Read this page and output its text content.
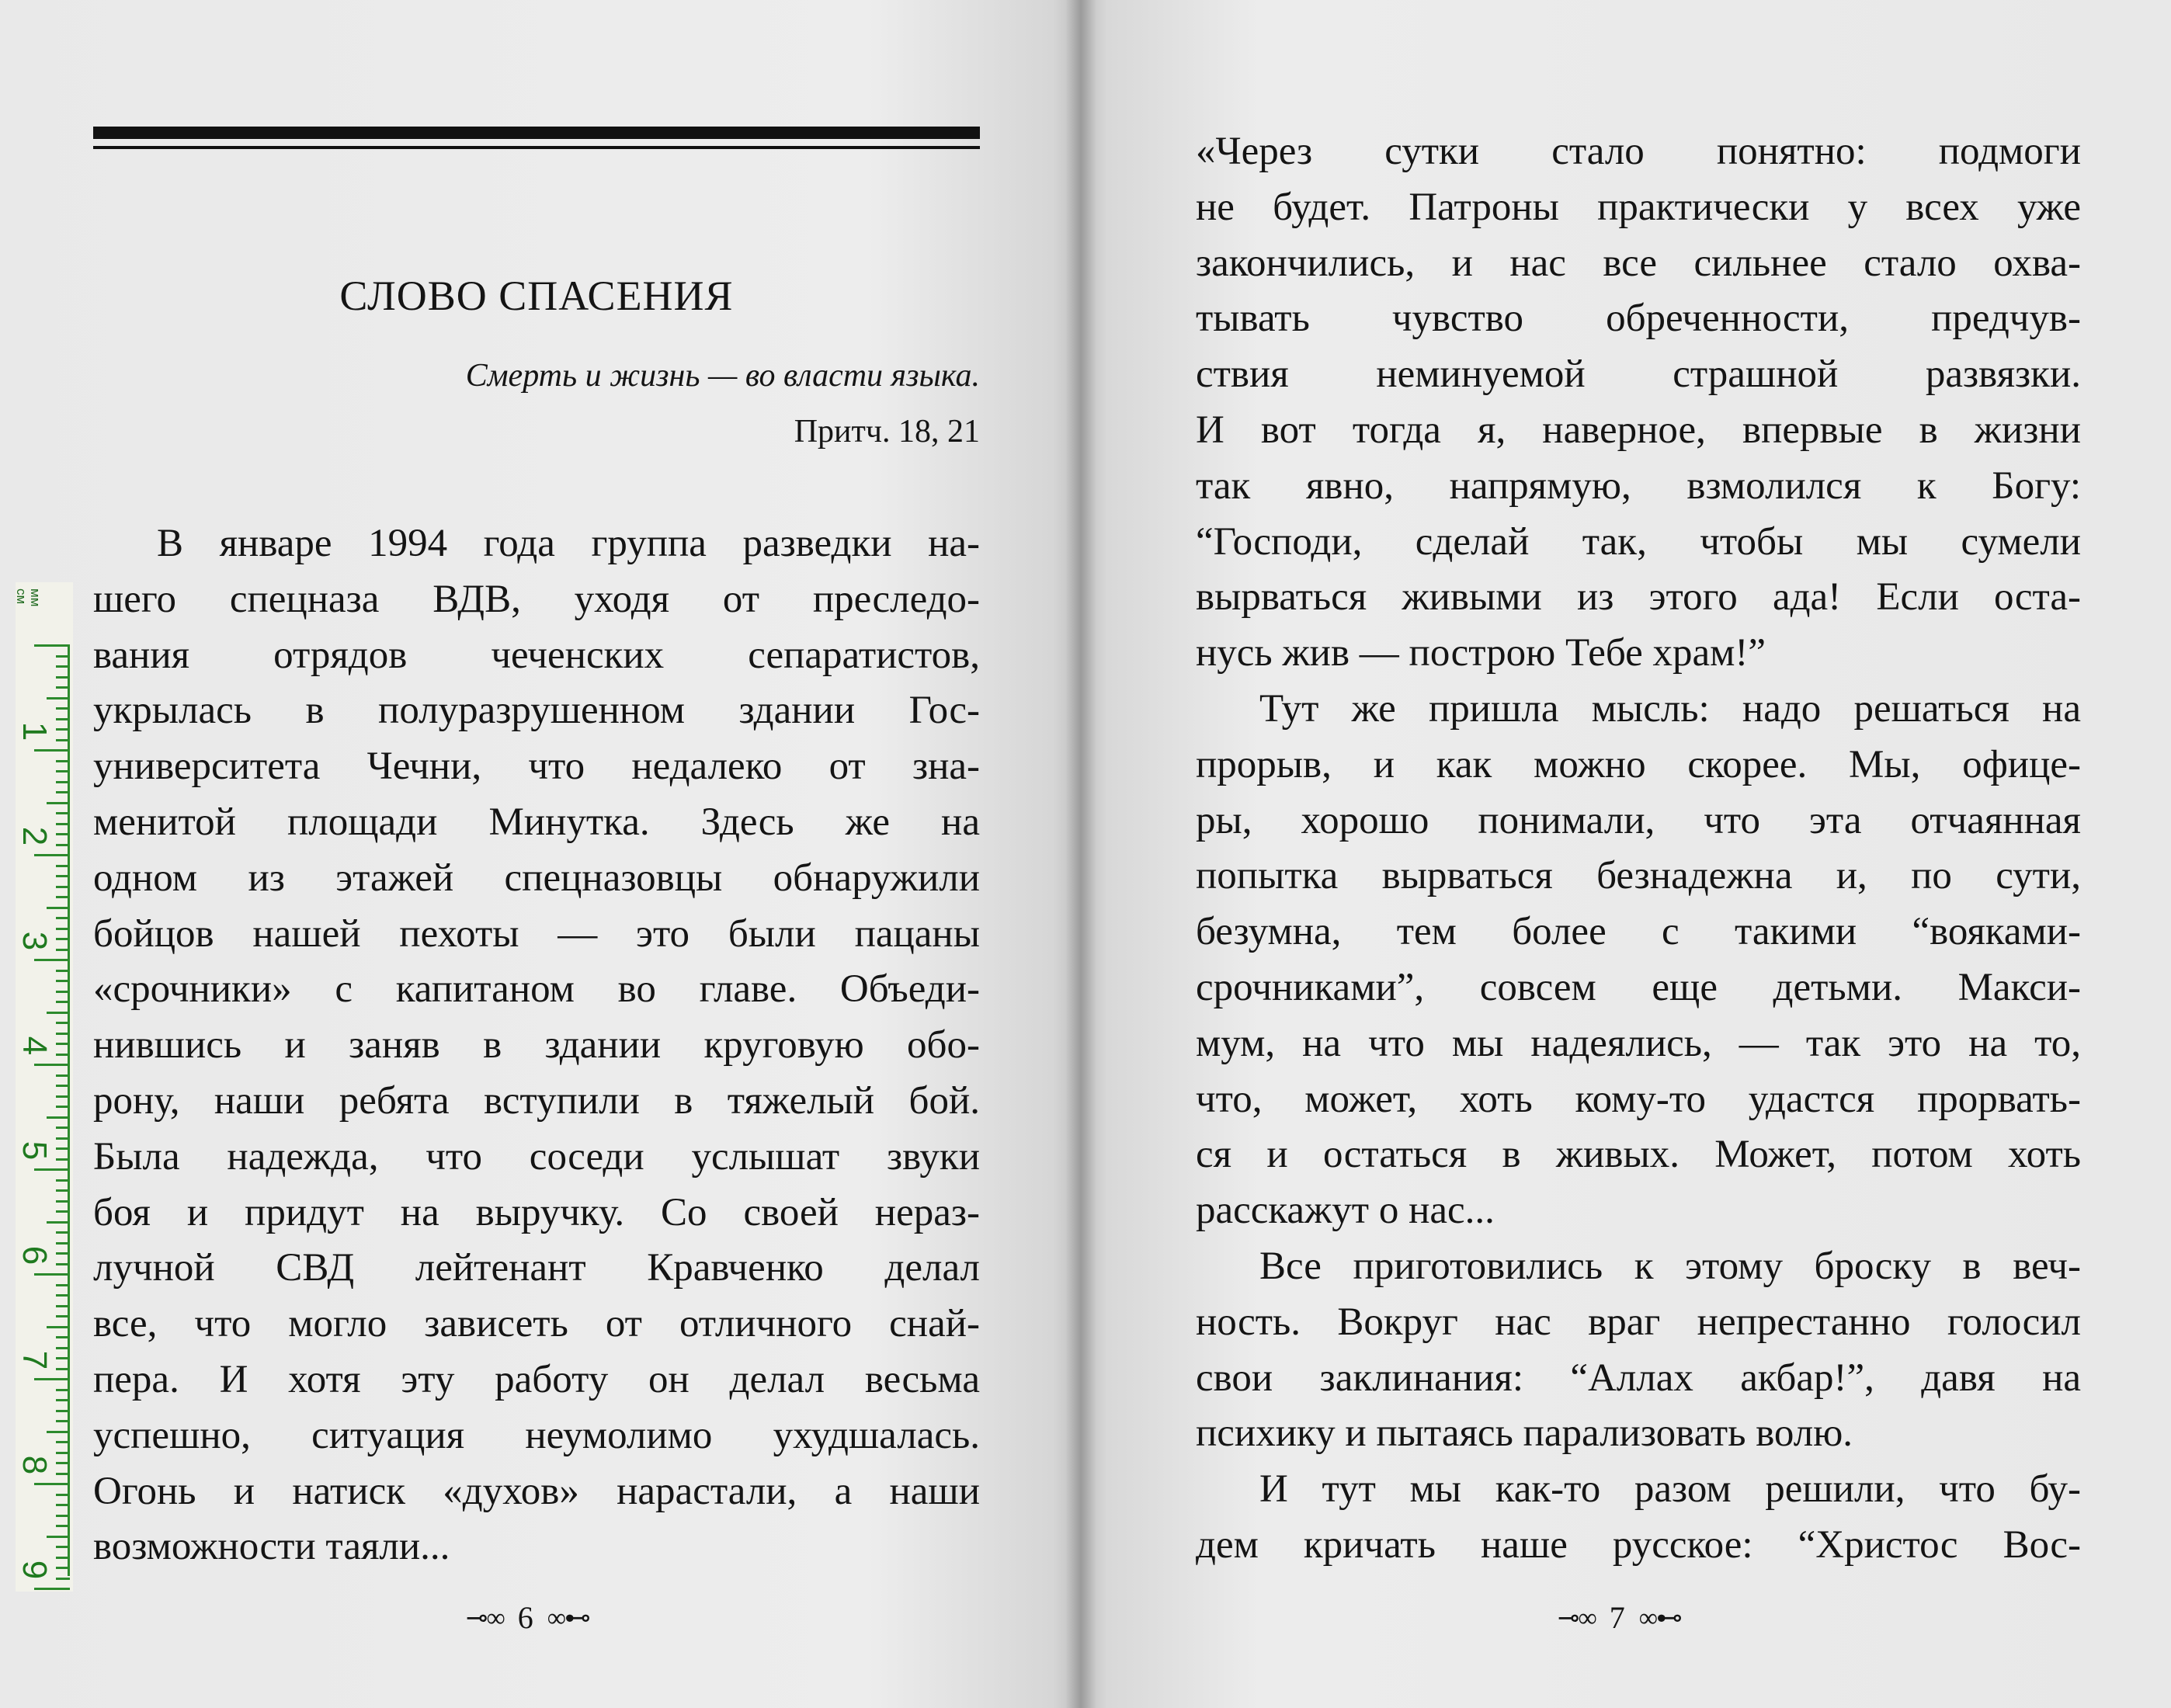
СЛОВО СПАСЕНИЯ
Смерть и жизнь — во власти языка.
Притч. 18, 21
В январе 1994 года группа разведки на-
шего спецназа ВДВ, уходя от преследо-
вания отрядов чеченских сепаратистов,
укрылась в полуразрушенном здании Гос-
университета Чечни, что недалеко от зна-
менитой площади Минутка. Здесь же на
одном из этажей спецназовцы обнаружили
бойцов нашей пехоты — это были пацаны
«срочники» с капитаном во главе. Объеди-
нившись и заняв в здании круговую обо-
рону, наши ребята вступили в тяжелый бой.
Была надежда, что соседи услышат звуки
боя и придут на выручку. Со своей нераз-
лучной СВД лейтенант Кравченко делал
все, что могло зависеть от отличного снай-
пера. И хотя эту работу он делал весьма
успешно, ситуация неумолимо ухудшалась.
Огонь и натиск «духов» нарастали, а наши
возможности таяли...
⊸∞ 6 ∞⊷
«Через сутки стало понятно: подмоги
не будет. Патроны практически у всех уже
закончились, и нас все сильнее стало охва-
тывать чувство обреченности, предчув-
ствия неминуемой страшной развязки.
И вот тогда я, наверное, впервые в жизни
так явно, напрямую, взмолился к Богу:
“Господи, сделай так, чтобы мы сумели
вырваться живыми из этого ада! Если оста-
нусь жив — построю Тебе храм!”
Тут же пришла мысль: надо решаться на
прорыв, и как можно скорее. Мы, офице-
ры, хорошо понимали, что эта отчаянная
попытка вырваться безнадежна и, по сути,
безумна, тем более с такими “вояками-
срочниками”, совсем еще детьми. Макси-
мум, на что мы надеялись, — так это на то,
что, может, хоть кому-то удастся прорвать-
ся и остаться в живых. Может, потом хоть
расскажут о нас...
Все приготовились к этому броску в веч-
ность. Вокруг нас враг непрестанно голосил
свои заклинания: “Аллах акбар!”, давя на
психику и пытаясь парализовать волю.
И тут мы как-то разом решили, что бу-
дем кричать наше русское: “Христос Вос-
⊸∞ 7 ∞⊷
мм см
1
2
3
4
5
6
7
8
9
